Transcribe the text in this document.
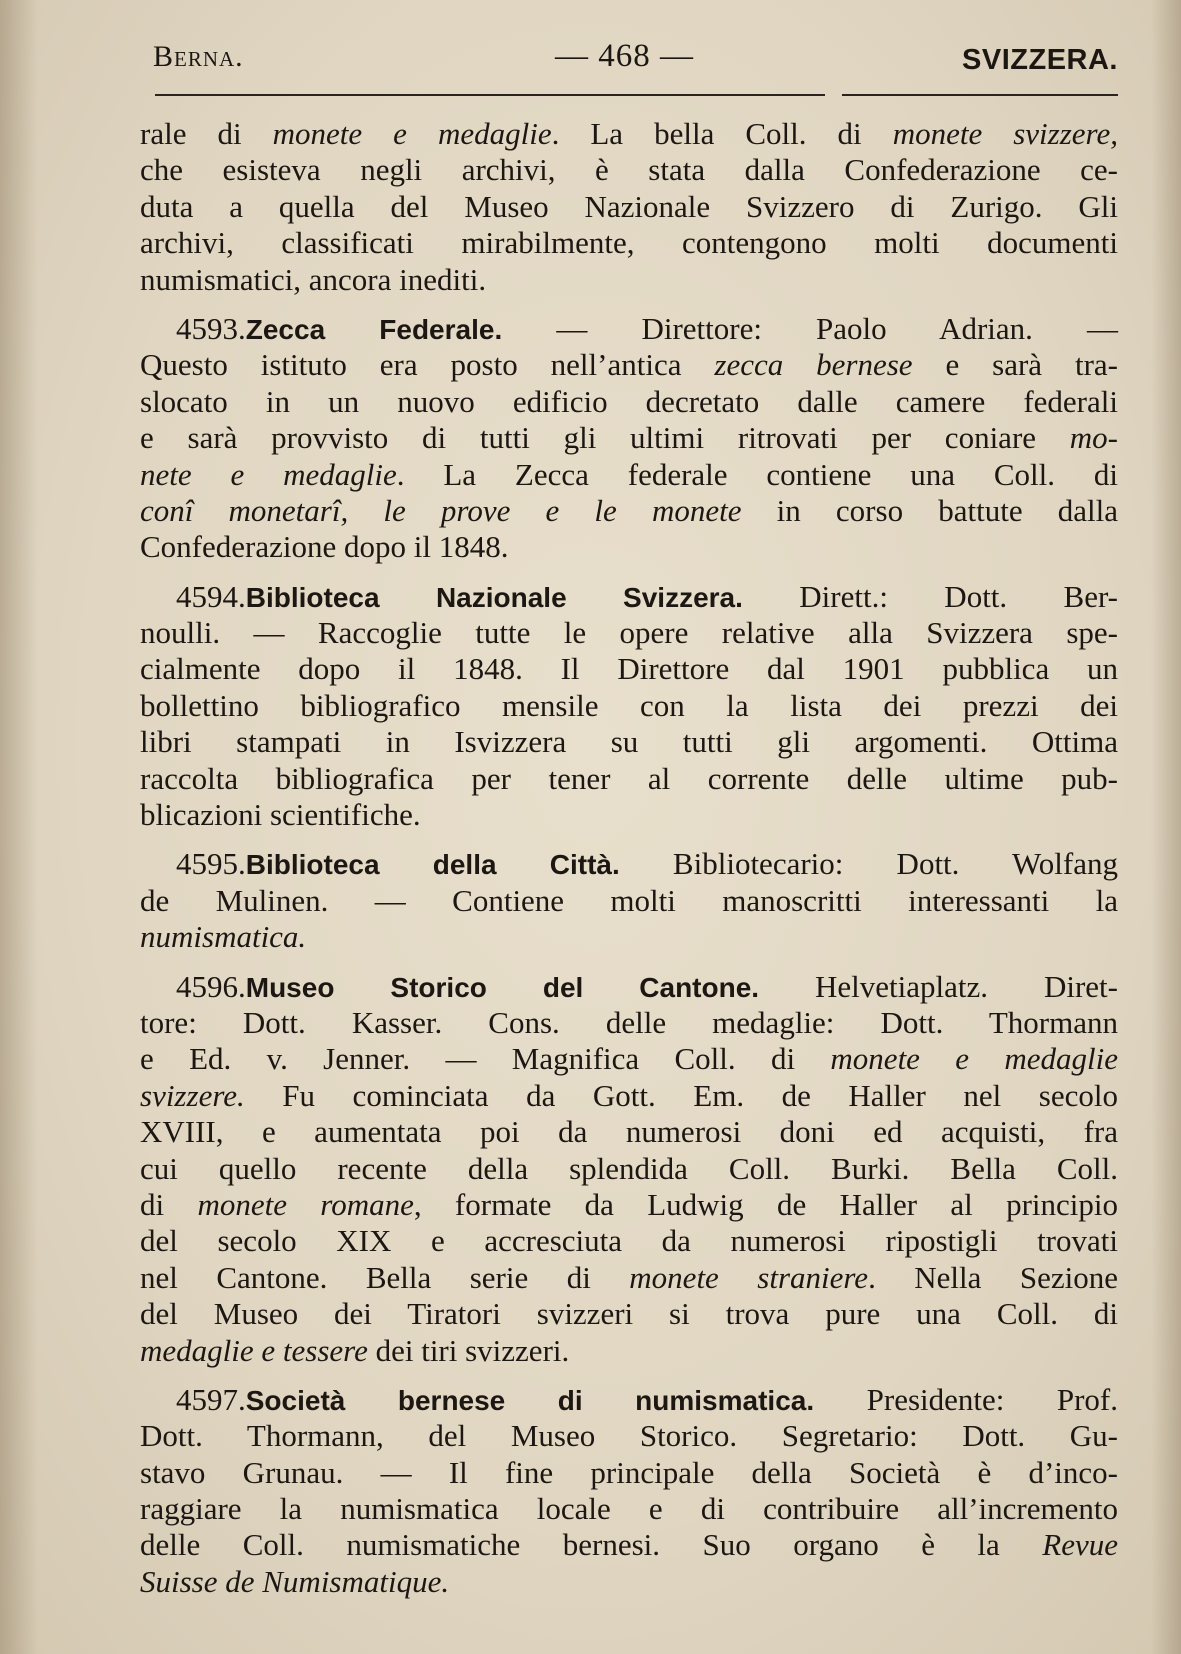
Berna.	— 468 —	SVIZZERA.
rale di monete e medaglie. La bella Coll. di monete svizzere,
che esisteva negli archivi, è stata dalla Confederazione ce-
duta a quella del Museo Nazionale Svizzero di Zurigo. Gli
archivi, classificati mirabilmente, contengono molti documenti
numismatici, ancora inediti.
4593.Zecca Federale. — Direttore: Paolo Adrian. —
Questo istituto era posto nell’antica zecca bernese e sarà tra-
slocato in un nuovo edificio decretato dalle camere federali
e sarà provvisto di tutti gli ultimi ritrovati per coniare mo-
nete e medaglie. La Zecca federale contiene una Coll. di
conî monetarî, le prove e le monete in corso battute dalla
Confederazione dopo il 1848.
4594.Biblioteca Nazionale Svizzera. Dirett.: Dott. Ber-
noulli. — Raccoglie tutte le opere relative alla Svizzera spe-
cialmente dopo il 1848. Il Direttore dal 1901 pubblica un
bollettino bibliografico mensile con la lista dei prezzi dei
libri stampati in Isvizzera su tutti gli argomenti. Ottima
raccolta bibliografica per tener al corrente delle ultime pub-
blicazioni scientifiche.
4595.Biblioteca della Città. Bibliotecario: Dott. Wolfang
de Mulinen. — Contiene molti manoscritti interessanti la
numismatica.
4596.Museo Storico del Cantone. Helvetiaplatz. Diret-
tore: Dott. Kasser. Cons. delle medaglie: Dott. Thormann
e Ed. v. Jenner. — Magnifica Coll. di monete e medaglie
svizzere. Fu cominciata da Gott. Em. de Haller nel secolo
XVIII, e aumentata poi da numerosi doni ed acquisti, fra
cui quello recente della splendida Coll. Burki. Bella Coll.
di monete romane, formate da Ludwig de Haller al principio
del secolo XIX e accresciuta da numerosi ripostigli trovati
nel Cantone. Bella serie di monete straniere. Nella Sezione
del Museo dei Tiratori svizzeri si trova pure una Coll. di
medaglie e tessere dei tiri svizzeri.
4597.Società bernese di numismatica. Presidente: Prof.
Dott. Thormann, del Museo Storico. Segretario: Dott. Gu-
stavo Grunau. — Il fine principale della Società è d’inco-
raggiare la numismatica locale e di contribuire all’incremento
delle Coll. numismatiche bernesi. Suo organo è la Revue
Suisse de Numismatique.
